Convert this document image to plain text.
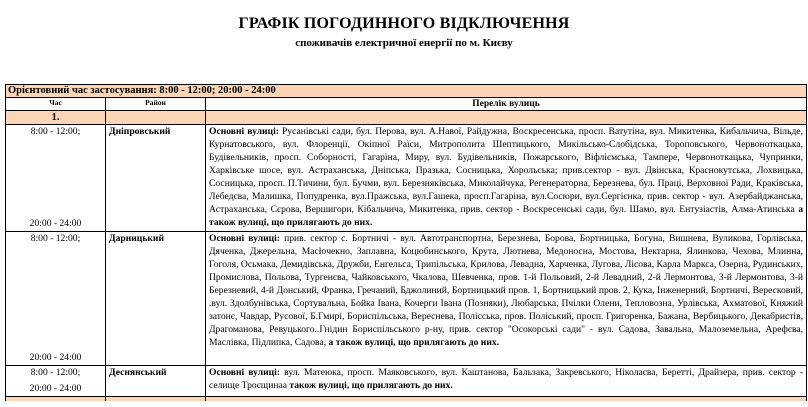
ГРАФІК ПОГОДИННОГО ВІДКЛЮЧЕННЯ
споживачів електричної енергії по м. Києву
Орієнтовний час застосування: 8:00 - 12:00; 20:00 - 24:00		
Час	Район	Перелік вулиць
1.		

8:00 - 12:00;
20:00 - 24:00	Дніпровський	Основні вулиці: Русанівські сади, бул. Перова, вул. А.Навої, Райдужна, Воскресенська, просп. Ватутіна, вул. Микитенка, Кибальчича, Вільде, Курнатовського, вул. Флоренції, Окіпної Раїси, Митрополита Шептицького, Микільсько-Слобідська, Тороповського, Червоноткацька, Будівельників, просп. Соборності, Гагаріна, Миру, вул. Будівельників, Пожарського, Віфліємська, Тампере, Червоноткацька, Чупринки, Харківське шосе, вул. Астраханська, Дніпська, Празька, Сосницька, Хорольська; прив.сектор - вул. Двінська, Краснокутська, Лохвицька, Сосницька, просп. П.Тичини, бул. Бучми, вул. Березняківська, Миколайчука, Регенераторна, Березнева, бул. Праці, Верховної Ради, Краківська, Лебедєва, Малишка, Попудренка, вул.Пражська, вул.Гашека, просп.Гагаріна, вул.Сосюри, вул.Сергієнка, прив. сектор - вул. Азербайджанська, Астраханська, Сєрова, Вершигори, Кібальчича, Микитенка, прив. сектор - Воскресенські сади, бул. Шамо, вул. Ентузіастів, Алма-Атинська а також вулиці, що прилягають до них.

8:00 - 12:00;
20:00 - 24:00	Дарницький	Основні вулиці: прив. сектор с. Бортничі - вул. Автотранспортна, Березнева, Борова, Бортницька, Богуна, Вишнева, Вуликова, Горлівська, Дяченка, Джерельна, Масłoчекно, Заплавна, Коцюбинського, Крута, Лютнева, Медоносна, Мостова, Нектарна, Ялинкова, Чехова, Млинна, Гоголя, Осьмака, Демидівська, Дружби, Енгельса, Трипільська, Крилова, Левадна, Харченка, Лугова, Лісова, Карла Маркса, Озерна, Рудинських, Промислова, Польова, Тургенєва, Чайковського, Чкалова, Шевченка, пров. 1-й Польовий, 2-й Левадний, 2-й Лермонтова, 3-й Лермонтова, 3-й Березневий, 4-й Донський, Франка, Гречаний, Бджолиний, Бортницький пров. 1, Бортницький пров. 2, Кука, Інженерний, Бортничі, Вересковий, .вул. Здолбунівська, Сортувальна, Бойка Івана, Кочерги Івана (Позняки), Любарська, Пчілки Олени, Тепловозна, Урлівська, Ахматової, Княжий затонє, Чавдар, Русової, Б.Гмирі, Бориспільська, Вереснева, Полісська, пров. Поліський, просп. Григоренка, Бажана, Вербицького, Декабристів, Драгоманова, Ревуцького..Гнідин Бориспільського р-ну, прив. сектор "Осокорські сади" - вул. Садова, Завальна, Малоземельна, Арефєва, Маслівка, Підлипка, Садова, а також вулиці, що прилягають до них.

8:00 - 12:00;
20:00 - 24:00	Деснянський	Основні вулиці: вул. Матеюка, просп. Маяковського, вул. Каштанова, Бальзака, Закревського, Ніколаєва, Беретті, Драйзера, прив. сектор - селище Троєщинаа також вулиці, що прилягають до них.
